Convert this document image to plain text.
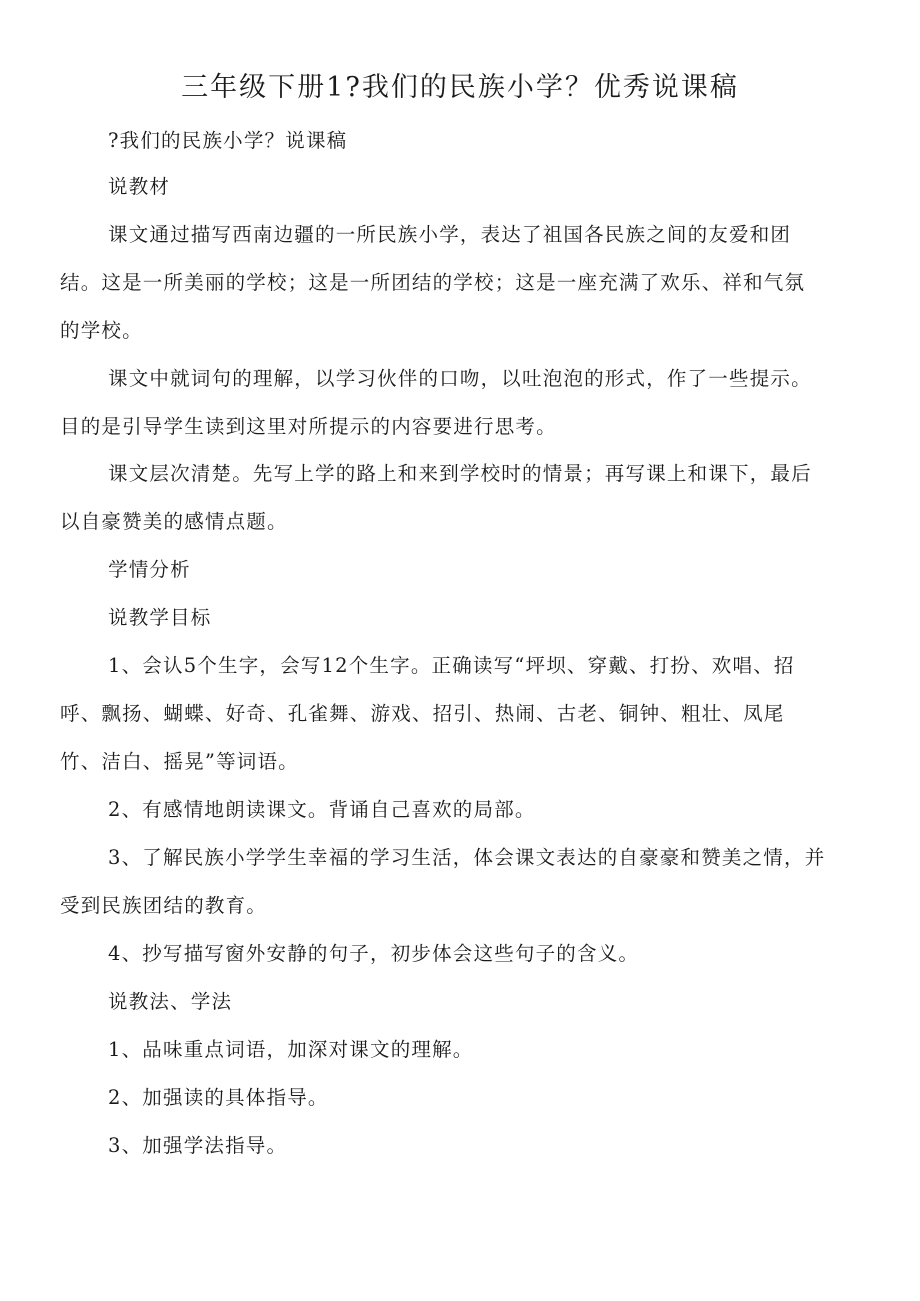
三年级下册1?我们的民族小学？优秀说课稿
?我们的民族小学？说课稿
说教材
课文通过描写西南边疆的一所民族小学，表达了祖国各民族之间的友爱和团
结。这是一所美丽的学校；这是一所团结的学校；这是一座充满了欢乐、祥和气氛
的学校。
课文中就词句的理解，以学习伙伴的口吻，以吐泡泡的形式，作了一些提示。
目的是引导学生读到这里对所提示的内容要进行思考。
课文层次清楚。先写上学的路上和来到学校时的情景；再写课上和课下，最后
以自豪赞美的感情点题。
学情分析
说教学目标
1、会认5个生字，会写12个生字。正确读写“坪坝、穿戴、打扮、欢唱、招
呼、飘扬、蝴蝶、好奇、孔雀舞、游戏、招引、热闹、古老、铜钟、粗壮、凤尾
竹、洁白、摇晃”等词语。
2、有感情地朗读课文。背诵自己喜欢的局部。
3、了解民族小学学生幸福的学习生活，体会课文表达的自豪豪和赞美之情，并
受到民族团结的教育。
4、抄写描写窗外安静的句子，初步体会这些句子的含义。
说教法、学法
1、品味重点词语，加深对课文的理解。
2、加强读的具体指导。
3、加强学法指导。
